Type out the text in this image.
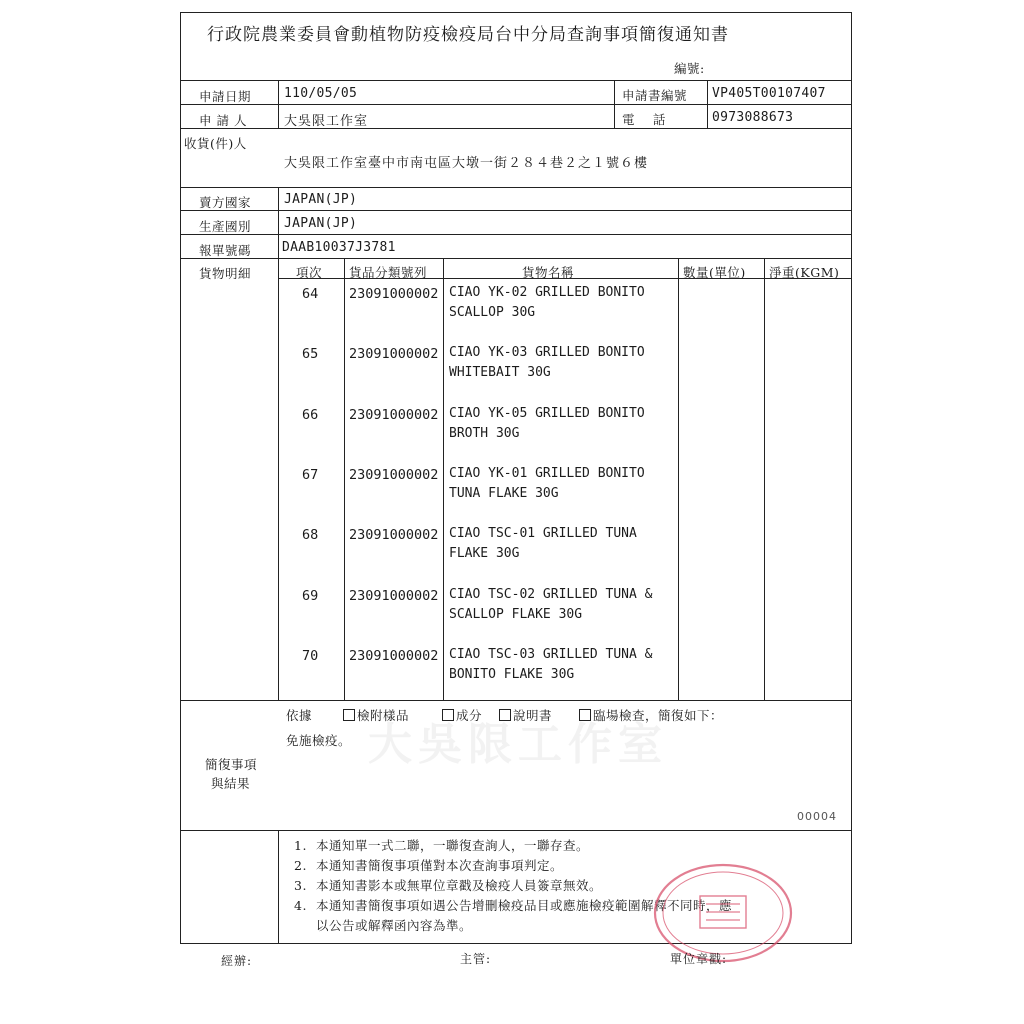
行政院農業委員會動植物防疫檢疫局台中分局查詢事項簡復通知書
編號:
申請日期	110/05/05	申請書編號 VP405T00107407
申 請 人	大吳限工作室	電    話	0973088673
收貨(件)人
大吳限工作室臺中市南屯區大墩一街２８４巷２之１號６樓
賣方國家	JAPAN(JP)
生產國別	JAPAN(JP)
報單號碼 DAAB10037J3781
貨物明細	項次 貨品分類號列	貨物名稱	數量(單位) 淨重(KGM)
64 23091000002 CIAO YK-02 GRILLED BONITO
SCALLOP 30G
65 23091000002 CIAO YK-03 GRILLED BONITO
WHITEBAIT 30G
66 23091000002 CIAO YK-05 GRILLED BONITO
BROTH 30G
67 23091000002 CIAO YK-01 GRILLED BONITO
TUNA FLAKE 30G
68 23091000002 CIAO TSC-01 GRILLED TUNA
FLAKE 30G
69 23091000002 CIAO TSC-02 GRILLED TUNA &
SCALLOP FLAKE 30G
70 23091000002 CIAO TSC-03 GRILLED TUNA &
BONITO FLAKE 30G
簡復事項
與結果
依據	檢附樣品	成分 說明書	臨場檢查，簡復如下：
免施檢疫。
00004
大吳限工作室
1. 本通知單一式二聯，一聯復查詢人，一聯存查。
2. 本通知書簡復事項僅對本次查詢事項判定。
3. 本通知書影本或無單位章戳及檢疫人員簽章無效。
4. 本通知書簡復事項如遇公告增刪檢疫品目或應施檢疫範圍解釋不同時，應
以公告或解釋函內容為準。
經辦:	主管:	單位章戳:
